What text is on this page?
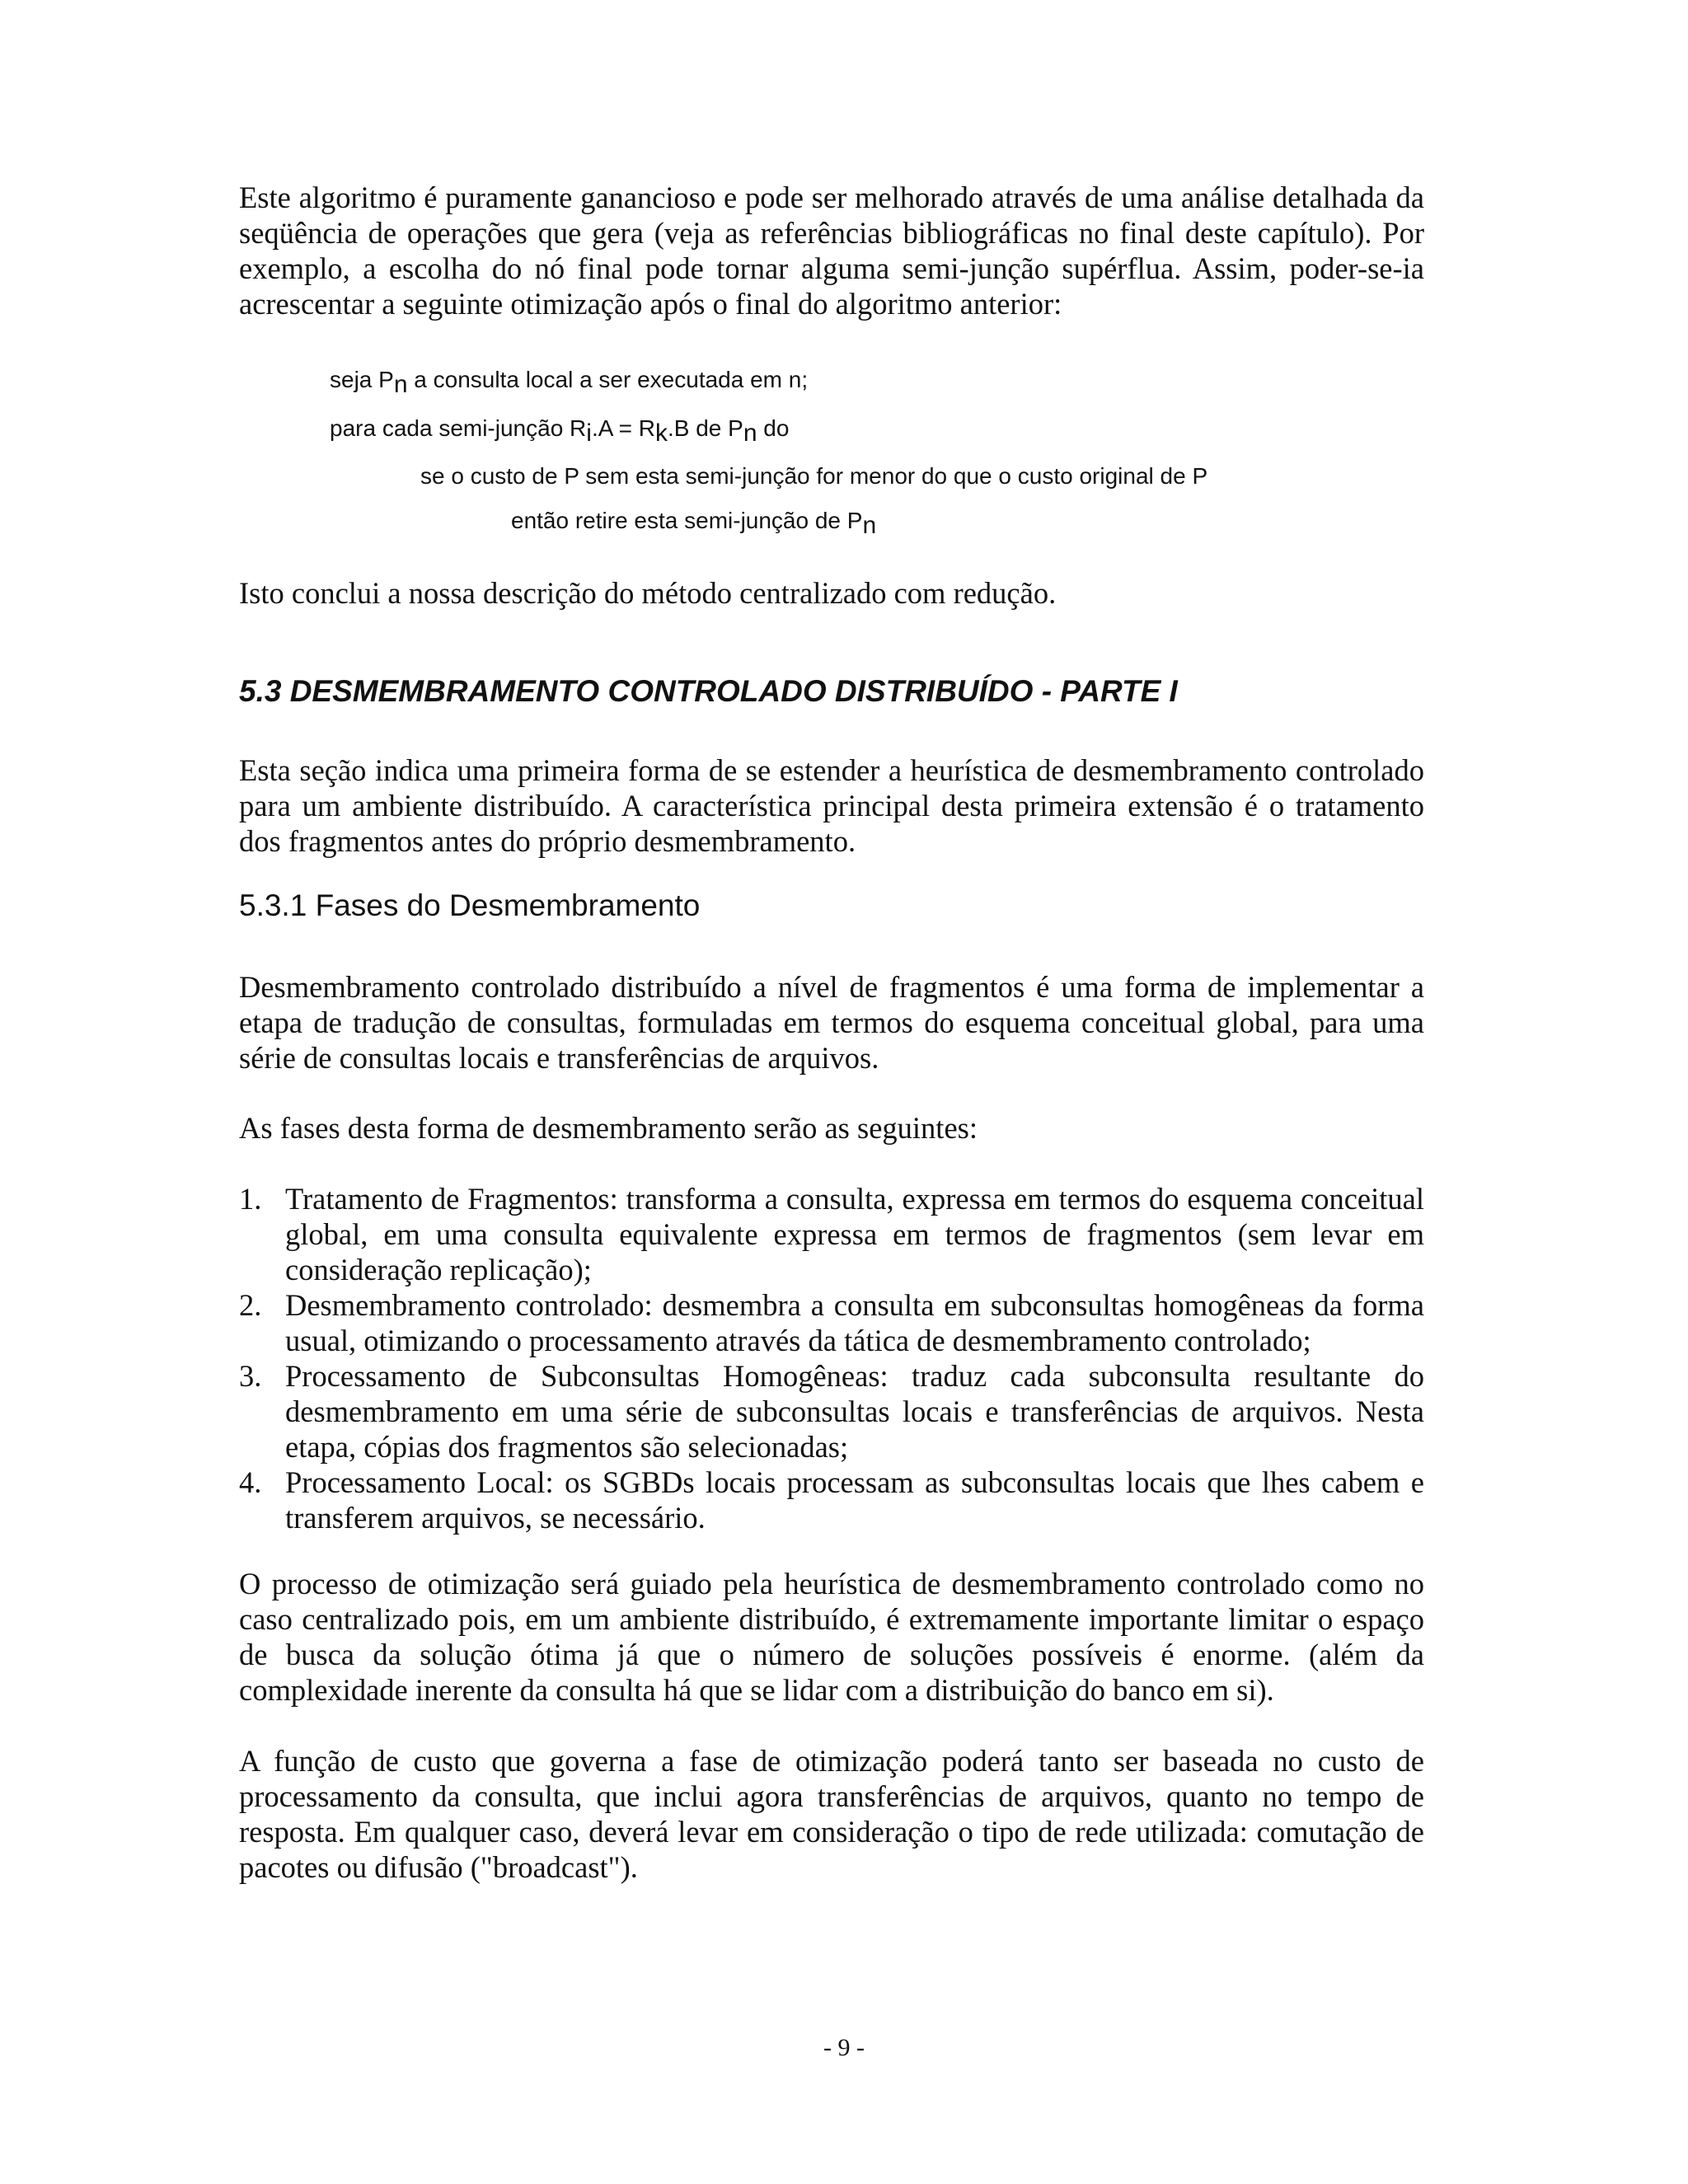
Este algoritmo é puramente ganancioso e pode ser melhorado através de uma análise detalhada da seqüência de operações que gera (veja as referências bibliográficas no final deste capítulo). Por exemplo, a escolha do nó final pode tornar alguma semi-junção supérflua. Assim, poder-se-ia acrescentar a seguinte otimização após o final do algoritmo anterior:

seja $P_n$ a consulta local a ser executada em n;
para cada semi-junção $R_i.A = R_k.B$ de $P_n$ do
se o custo de P sem esta semi-junção for menor do que o custo original de P
então retire esta semi-junção de $P_n$

Isto conclui a nossa descrição do método centralizado com redução.

5.3 DESMEMBRAMENTO CONTROLADO DISTRIBUÍDO - PARTE I

Esta seção indica uma primeira forma de se estender a heurística de desmembramento controlado para um ambiente distribuído. A característica principal desta primeira extensão é o tratamento dos fragmentos antes do próprio desmembramento.

5.3.1 Fases do Desmembramento

Desmembramento controlado distribuído a nível de fragmentos é uma forma de implementar a etapa de tradução de consultas, formuladas em termos do esquema conceitual global, para uma série de consultas locais e transferências de arquivos.

As fases desta forma de desmembramento serão as seguintes:

1. Tratamento de Fragmentos: transforma a consulta, expressa em termos do esquema conceitual global, em uma consulta equivalente expressa em termos de fragmentos (sem levar em consideração replicação);
2. Desmembramento controlado: desmembra a consulta em subconsultas homogêneas da forma usual, otimizando o processamento através da tática de desmembramento controlado;
3. Processamento de Subconsultas Homogêneas: traduz cada subconsulta resultante do desmembramento em uma série de subconsultas locais e transferências de arquivos. Nesta etapa, cópias dos fragmentos são selecionadas;
4. Processamento Local: os SGBDs locais processam as subconsultas locais que lhes cabem e transferem arquivos, se necessário.

O processo de otimização será guiado pela heurística de desmembramento controlado como no caso centralizado pois, em um ambiente distribuído, é extremamente importante limitar o espaço de busca da solução ótima já que o número de soluções possíveis é enorme. (além da complexidade inerente da consulta há que se lidar com a distribuição do banco em si).

A função de custo que governa a fase de otimização poderá tanto ser baseada no custo de processamento da consulta, que inclui agora transferências de arquivos, quanto no tempo de resposta. Em qualquer caso, deverá levar em consideração o tipo de rede utilizada: comutação de pacotes ou difusão ("broadcast").

- 9 -
